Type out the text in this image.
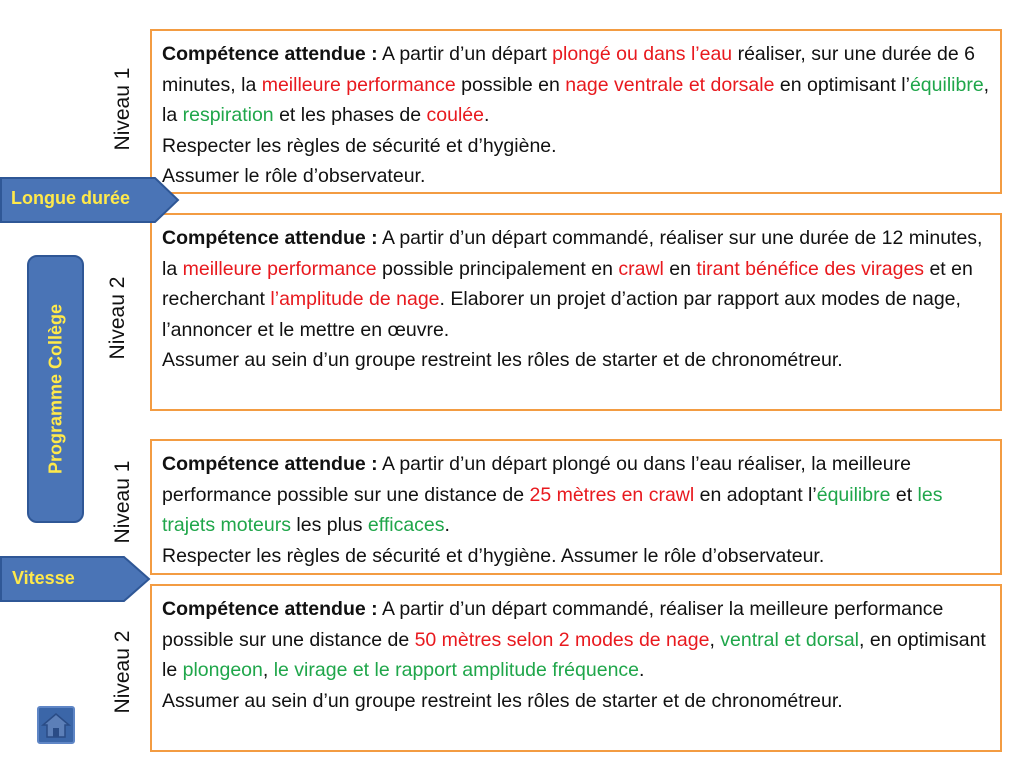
Compétence attendue : A partir d’un départ plongé ou dans l’eau réaliser, sur une durée de 6 minutes, la meilleure performance possible en nage ventrale et dorsale en optimisant l’équilibre, la respiration et les phases de coulée.

Respecter les règles de sécurité et d’hygiène.

Assumer le rôle d’observateur.

Compétence attendue : A partir d’un départ commandé, réaliser sur une durée de 12 minutes, la meilleure performance possible principalement en crawl en tirant bénéfice des virages et en recherchant l’amplitude de nage. Elaborer un projet d’action par rapport aux modes de nage, l’annoncer et le mettre en œuvre.

Assumer au sein d’un groupe restreint les rôles de starter et de chronométreur.

Compétence attendue : A partir d’un départ plongé ou dans l’eau réaliser, la meilleure performance possible sur une distance de 25 mètres en crawl en adoptant l’équilibre et les trajets moteurs les plus efficaces.

Respecter les règles de sécurité et d’hygiène. Assumer le rôle d’observateur.

Compétence attendue : A partir d’un départ commandé, réaliser la meilleure performance possible sur une distance de 50 mètres selon 2 modes de nage, ventral et dorsal, en optimisant le plongeon, le virage et le rapport amplitude fréquence.

Assumer au sein d’un groupe restreint les rôles de starter et de chronométreur.

Niveau 1
Niveau 2
Niveau 1
Niveau 2
Programme Collège
Longue durée
Vitesse
